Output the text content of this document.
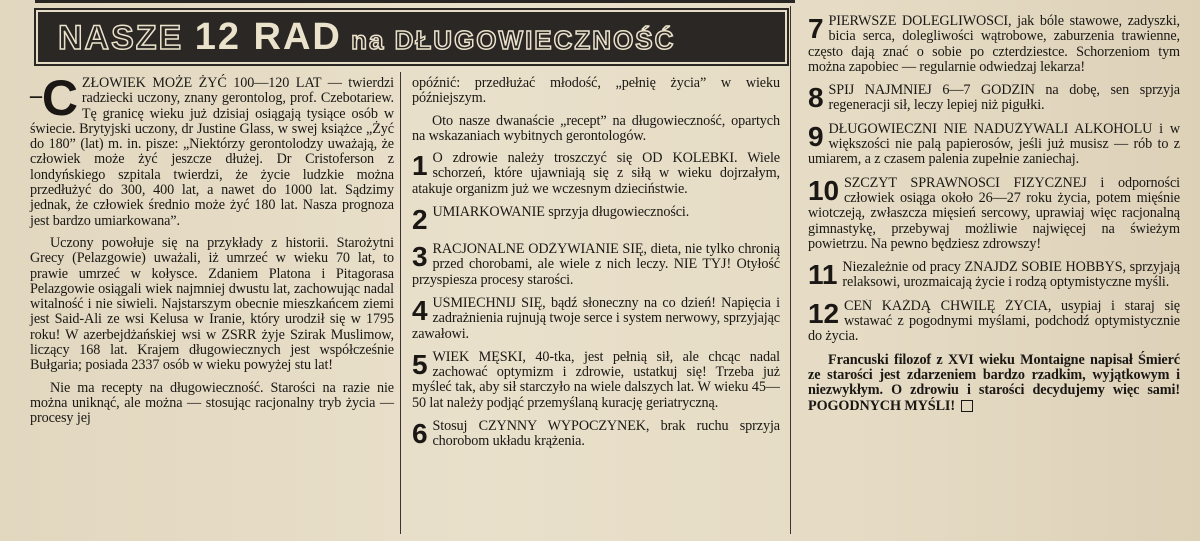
NASZE 12 RAD na DŁUGOWIECZNOŚĆ

– C ZŁOWIEK MOŻE ŻYĆ 100—120 LAT — twierdzi radziecki uczony, znany gerontolog, prof. Czebotariew. Tę granicę wieku już dzisiaj osiągają tysiące osób w świecie. Brytyjski uczony, dr Justine Glass, w swej książce „Żyć do 180” (lat) m. in. pisze: „Niektórzy gerontolodzy uważają, że człowiek może żyć jeszcze dłużej. Dr Cristoferson z londyńskiego szpitala twierdzi, że życie ludzkie można przedłużyć do 300, 400 lat, a nawet do 1000 lat. Sądzimy jednak, że człowiek średnio może żyć 180 lat. Nasza prognoza jest bardzo umiarkowana”.

Uczony powołuje się na przykłady z historii. Starożytni Grecy (Pelazgowie) uważali, iż umrzeć w wieku 70 lat, to prawie umrzeć w kołysce. Zdaniem Platona i Pitagorasa Pelazgowie osiągali wiek najmniej dwustu lat, zachowując nadal witalność i nie siwieli. Najstarszym obecnie mieszkańcem ziemi jest Said-Ali ze wsi Kelusa w Iranie, który urodził się w 1795 roku! W azerbejdżańskiej wsi w ZSRR żyje Szirak Muslimow, liczący 168 lat. Krajem długowiecznych jest współcześnie Bułgaria; posiada 2337 osób w wieku powyżej stu lat!

Nie ma recepty na długowieczność. Starości na razie nie można uniknąć, ale można — stosując racjonalny tryb życia — procesy jej

opóźnić: przedłużać młodość, „pełnię życia” w wieku późniejszym.

Oto nasze dwanaście „recept” na długowieczność, opartych na wskazaniach wybitnych gerontologów.

1 O zdrowie należy troszczyć się OD KOLEBKI. Wiele schorzeń, które ujawniają się z siłą w wieku dojrzałym, atakuje organizm już we wczesnym dzieciństwie.
2 UMIARKOWANIE sprzyja długowieczności.
3 RACJONALNE ODŻYWIANIE SIĘ, dieta, nie tylko chronią przed chorobami, ale wiele z nich leczy. NIE TYJ! Otyłość przyspiesza procesy starości.
4 UŚMIECHNIJ SIĘ, bądź słoneczny na co dzień! Napięcia i zadrażnienia rujnują twoje serce i system nerwowy, sprzyjając zawałowi.
5 WIEK MĘSKI, 40-tka, jest pełnią sił, ale chcąc nadal zachować optymizm i zdrowie, ustatkuj się! Trzeba już myśleć tak, aby sił starczyło na wiele dalszych lat. W wieku 45—50 lat należy podjąć przemyślaną kurację geriatryczną.
6 Stosuj CZYNNY WYPOCZYNEK, brak ruchu sprzyja chorobom układu krążenia.
7 PIERWSZE DOLEGLIWOŚCI, jak bóle stawowe, zadyszki, bicia serca, dolegliwości wątrobowe, zaburzenia trawienne, często dają znać o sobie po czterdziestce. Schorzeniom tym można zapobiec — regularnie odwiedzaj lekarza!
8 ŚPIJ NAJMNIEJ 6—7 GODZIN na dobę, sen sprzyja regeneracji sił, leczy lepiej niż pigułki.
9 DŁUGOWIECZNI NIE NADUŻYWALI ALKOHOLU i w większości nie palą papierosów, jeśli już musisz — rób to z umiarem, a z czasem palenia zupełnie zaniechaj.
10 SZCZYT SPRAWNOŚCI FIZYCZNEJ i odporności człowiek osiąga około 26—27 roku życia, potem mięśnie wiotczeją, zwłaszcza mięsień sercowy, uprawiaj więc racjonalną gimnastykę, przebywaj możliwie najwięcej na świeżym powietrzu. Na pewno będziesz zdrowszy!
11 Niezależnie od pracy ZNAJDŹ SOBIE HOBBYS, sprzyjają relaksowi, urozmaicają życie i rodzą optymistyczne myśli.
12 CEŃ KAŻDĄ CHWILĘ ŻYCIA, usypiaj i staraj się wstawać z pogodnymi myślami, podchodź optymistycznie do życia.

Francuski filozof z XVI wieku Montaigne napisał Śmierć ze starości jest zdarzeniem bardzo rzadkim, wyjątkowym i niezwykłym. O zdrowiu i starości decydujemy więc sami! POGODNYCH MYŚLI!
